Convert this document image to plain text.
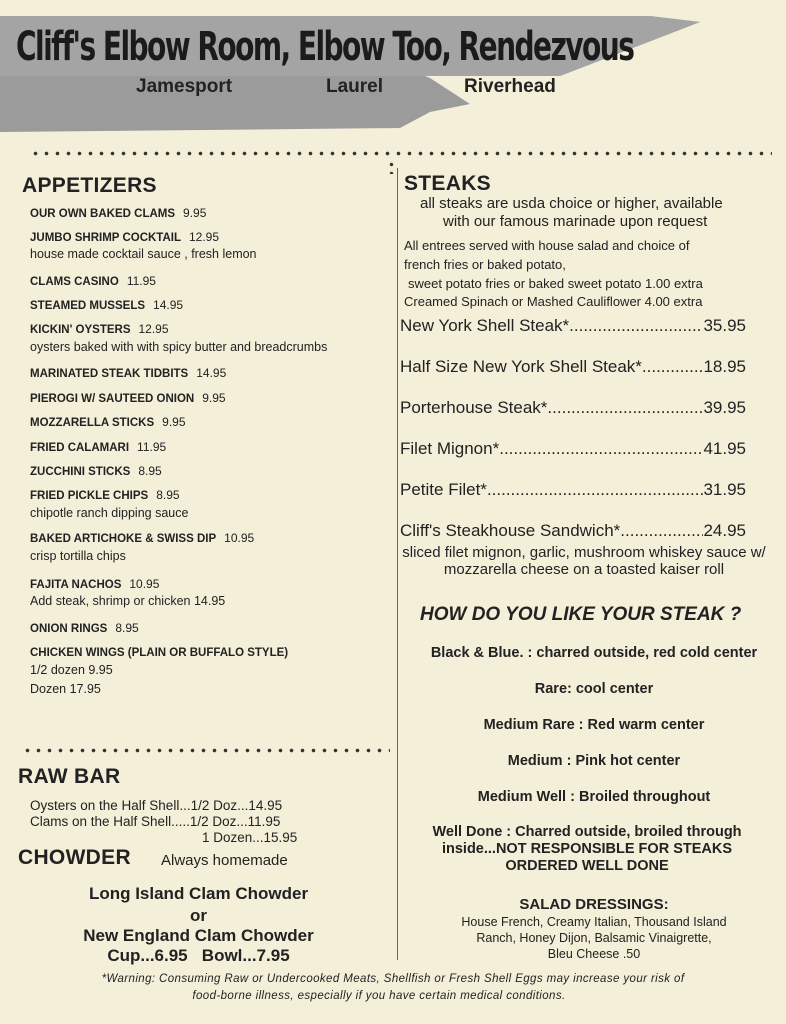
Cliff's Elbow Room, Elbow Too, Rendezvous
Jamesport	Laurel	Riverhead
APPETIZERS
OUR OWN BAKED CLAMS 9.95
JUMBO SHRIMP COCKTAIL 12.95
house made cocktail sauce , fresh lemon
CLAMS CASINO 11.95
STEAMED MUSSELS 14.95
KICKIN' OYSTERS 12.95
oysters baked with with spicy butter and breadcrumbs
MARINATED STEAK TIDBITS 14.95
PIEROGI W/ SAUTEED ONION 9.95
MOZZARELLA STICKS 9.95
FRIED CALAMARI 11.95
ZUCCHINI STICKS 8.95
FRIED PICKLE CHIPS 8.95
chipotle ranch dipping sauce
BAKED ARTICHOKE & SWISS DIP 10.95
crisp tortilla chips
FAJITA NACHOS 10.95
Add steak, shrimp or chicken 14.95
ONION RINGS 8.95
CHICKEN WINGS (PLAIN OR BUFFALO STYLE)
1/2 dozen 9.95
Dozen 17.95
RAW BAR
Oysters on the Half Shell...1/2 Doz...14.95
Clams on the Half Shell.....1/2 Doz...11.95
1 Dozen...15.95
CHOWDER Always homemade
Long Island Clam Chowder
or
New England Clam Chowder
Cup...6.95   Bowl...7.95
STEAKS
all steaks are usda choice or higher, available
with our famous marinade upon request
All entrees served with house salad and choice of
french fries or baked potato,
sweet potato fries or baked sweet potato 1.00 extra
Creamed Spinach or Mashed Cauliflower 4.00 extra
New York Shell Steak* .....	35.95
Half Size New York Shell Steak* .....	18.95
Porterhouse Steak* .....	39.95
Filet Mignon* .....	41.95
Petite Filet* .....	31.95
Cliff's Steakhouse Sandwich* .....	24.95
sliced filet mignon, garlic, mushroom whiskey sauce w/ mozzarella cheese on a toasted kaiser roll
HOW DO YOU LIKE YOUR STEAK ?
Black & Blue. : charred outside, red cold center
Rare: cool center
Medium Rare : Red warm center
Medium : Pink hot center
Medium Well : Broiled throughout
Well Done : Charred outside, broiled through inside...NOT RESPONSIBLE FOR STEAKS ORDERED WELL DONE
SALAD DRESSINGS:
House French, Creamy Italian, Thousand Island
Ranch, Honey Dijon, Balsamic Vinaigrette,
Bleu Cheese .50
*Warning: Consuming Raw or Undercooked Meats, Shellfish or Fresh Shell Eggs may increase your risk of
food-borne illness, especially if you have certain medical conditions.
